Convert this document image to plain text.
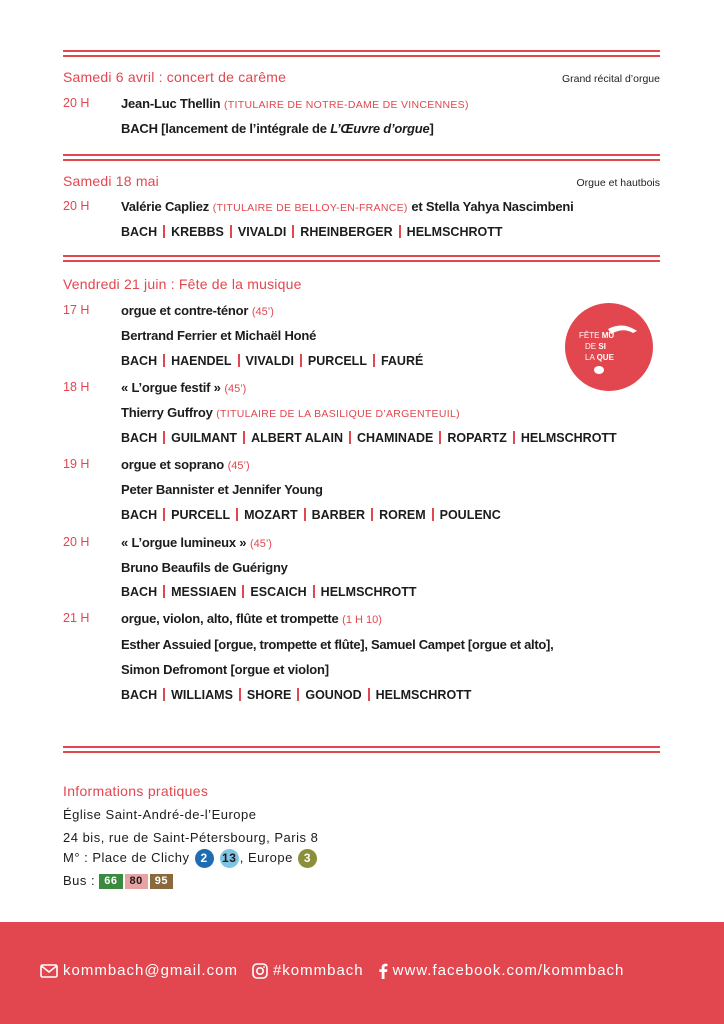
Samedi 6 avril : concert de carême	Grand récital d’orgue
20 H	Jean-Luc Thellin (TITULAIRE DE NOTRE-DAME DE VINCENNES)
BACH [lancement de l’intégrale de L’Œuvre d’orgue]
Samedi 18 mai	Orgue et hautbois
20 H	Valérie Capliez (TITULAIRE DE BELLOY-EN-FRANCE) et Stella Yahya Nascimbeni
BACH KREBBS VIVALDI RHEINBERGER HELMSCHROTT
Vendredi 21 juin : Fête de la musique
17 H	orgue et contre-ténor (45’)
Bertrand Ferrier et Michaël Honé
BACH HAENDEL VIVALDI PURCELL FAURÉ
18 H	« L’orgue festif » (45’)
Thierry Guffroy (TITULAIRE DE LA BASILIQUE D’ARGENTEUIL)
BACH GUILMANT ALBERT ALAIN CHAMINADE ROPARTZ HELMSCHROTT
19 H	orgue et soprano (45’)
Peter Bannister et Jennifer Young
BACH PURCELL MOZART BARBER ROREM POULENC
20 H	« L’orgue lumineux » (45’)
Bruno Beaufils de Guérigny
BACH MESSIAEN ESCAICH HELMSCHROTT
21 H	orgue, violon, alto, flûte et trompette (1 H 10)
Esther Assuied [orgue, trompette et flûte], Samuel Campet [orgue et alto],
Simon Defromont [orgue et violon]
BACH WILLIAMS SHORE GOUNOD HELMSCHROTT
FÊTE MU
DE SI
LA QUE
Informations pratiques
Église Saint-André-de-l’Europe
24 bis, rue de Saint-Pétersbourg, Paris 8
M° : Place de Clichy 2 13 , Europe 3
Bus : 66 80 95
kommbach@gmail.com #kommbach www.facebook.com/kommbach
